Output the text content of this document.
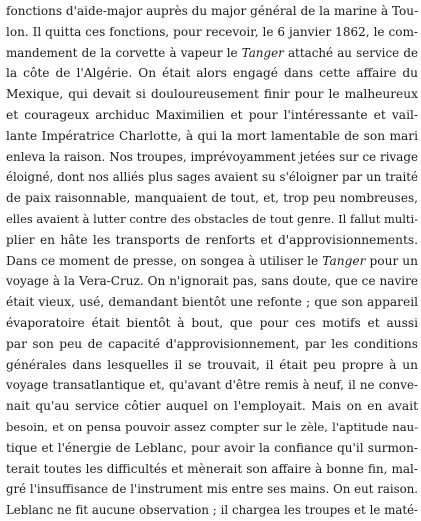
fonctions d'aide-major auprès du major général de la marine à Tou-
lon. Il quitta ces fonctions, pour recevoir, le 6 janvier 1862, le com-
mandement de la corvette à vapeur le Tanger attaché au service de
la côte de l'Algérie. On était alors engagé dans cette affaire du
Mexique, qui devait si douloureusement finir pour le malheureux
et courageux archiduc Maximilien et pour l'intéressante et vail-
lante Impératrice Charlotte, à qui la mort lamentable de son mari
enleva la raison. Nos troupes, imprévoyamment jetées sur ce rivage
éloigné, dont nos alliés plus sages avaient su s'éloigner par un traité
de paix raisonnable, manquaient de tout, et, trop peu nombreuses,
elles avaient à lutter contre des obstacles de tout genre. Il fallut multi-
plier en hâte les transports de renforts et d'approvisionnements.
Dans ce moment de presse, on songea à utiliser le Tanger pour un
voyage à la Vera-Cruz. On n'ignorait pas, sans doute, que ce navire
était vieux, usé, demandant bientôt une refonte ; que son appareil
évaporatoire était bientôt à bout, que pour ces motifs et aussi
par son peu de capacité d'approvisionnement, par les conditions
générales dans lesquelles il se trouvait, il était peu propre à un
voyage transatlantique et, qu'avant d'être remis à neuf, il ne conve-
nait qu'au service côtier auquel on l'employait. Mais on en avait
besoin, et on pensa pouvoir assez compter sur le zèle, l'aptitude nau-
tique et l'énergie de Leblanc, pour avoir la confiance qu'il surmon-
terait toutes les difficultés et mènerait son affaire à bonne fin, mal-
gré l'insuffisance de l'instrument mis entre ses mains. On eut raison.
Leblanc ne fit aucune observation ; il chargea les troupes et le maté-
